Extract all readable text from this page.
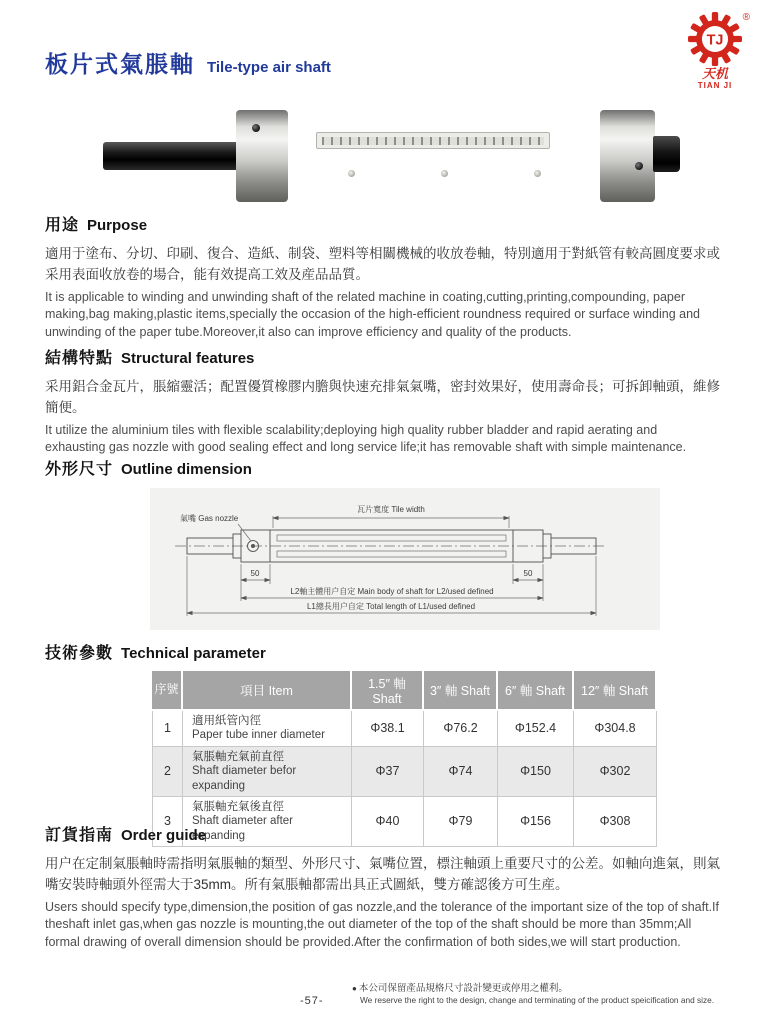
板片式氣脹軸 Tile-type air shaft
®
TJ
天机
TIAN JI
用途 Purpose
適用于塗布、分切、印刷、復合、造紙、制袋、塑料等相關機械的收放卷軸，特別適用于對紙管有較高圓度要求或采用表面收放卷的場合，能有效提高工效及産品品質。
It is applicable to winding and unwinding shaft of the related machine in coating,cutting,printing,compounding, paper making,bag making,plastic items,specially the occasion of the high-efficient roundness required or surface winding and unwinding of the paper tube.Moreover,it also can improve efficiency and quality of the products.
結構特點 Structural features
采用鋁合金瓦片，脹縮靈活；配置優質橡膠内膽與快速充排氣氣嘴，密封效果好，使用壽命長；可拆卸軸頭，維修簡便。
It utilize the aluminium tiles with flexible scalability;deploying high quality rubber bladder and rapid aerating and exhausting gas nozzle with good sealing effect and long service life;it has removable shaft with simple maintenance.
外形尺寸 Outline dimension
氣嘴 Gas nozzle
瓦片寬度 Tile width
50	50
L2軸主體用户自定 Main body of shaft for L2/used defined
L1總長用户自定 Total length of L1/used defined
技術參數 Technical parameter
序號	項目 Item	1.5″ 軸 Shaft	3″ 軸 Shaft	6″ 軸 Shaft	12″ 軸 Shaft
1	適用紙管內徑
Paper tube inner diameter	Φ38.1	Φ76.2	Φ152.4	Φ304.8
2	氣脹軸充氣前直徑
Shaft diameter befor expanding	Φ37	Φ74	Φ150	Φ302
3	氣脹軸充氣後直徑
Shaft diameter after expanding	Φ40	Φ79	Φ156	Φ308
訂貨指南 Order guide
用户在定制氣脹軸時需指明氣脹軸的類型、外形尺寸、氣嘴位置，標注軸頭上重要尺寸的公差。如軸向進氣，則氣嘴安裝時軸頭外徑需大于35mm。所有氣脹軸都需出具正式圖紙，雙方確認後方可生産。
Users should specify type,dimension,the position of gas nozzle,and the tolerance of the important size of the top of shaft.If theshaft inlet gas,when gas nozzle is mounting,the out diameter of the top of the shaft should be more than 35mm;All formal drawing of overall dimension should be provided.After the confirmation of both sides,we will start production.
-57-
● 本公司保留產品規格尺寸設計變更或停用之權利。
We reserve the right to the design, change and terminating of the product speicification and size.
